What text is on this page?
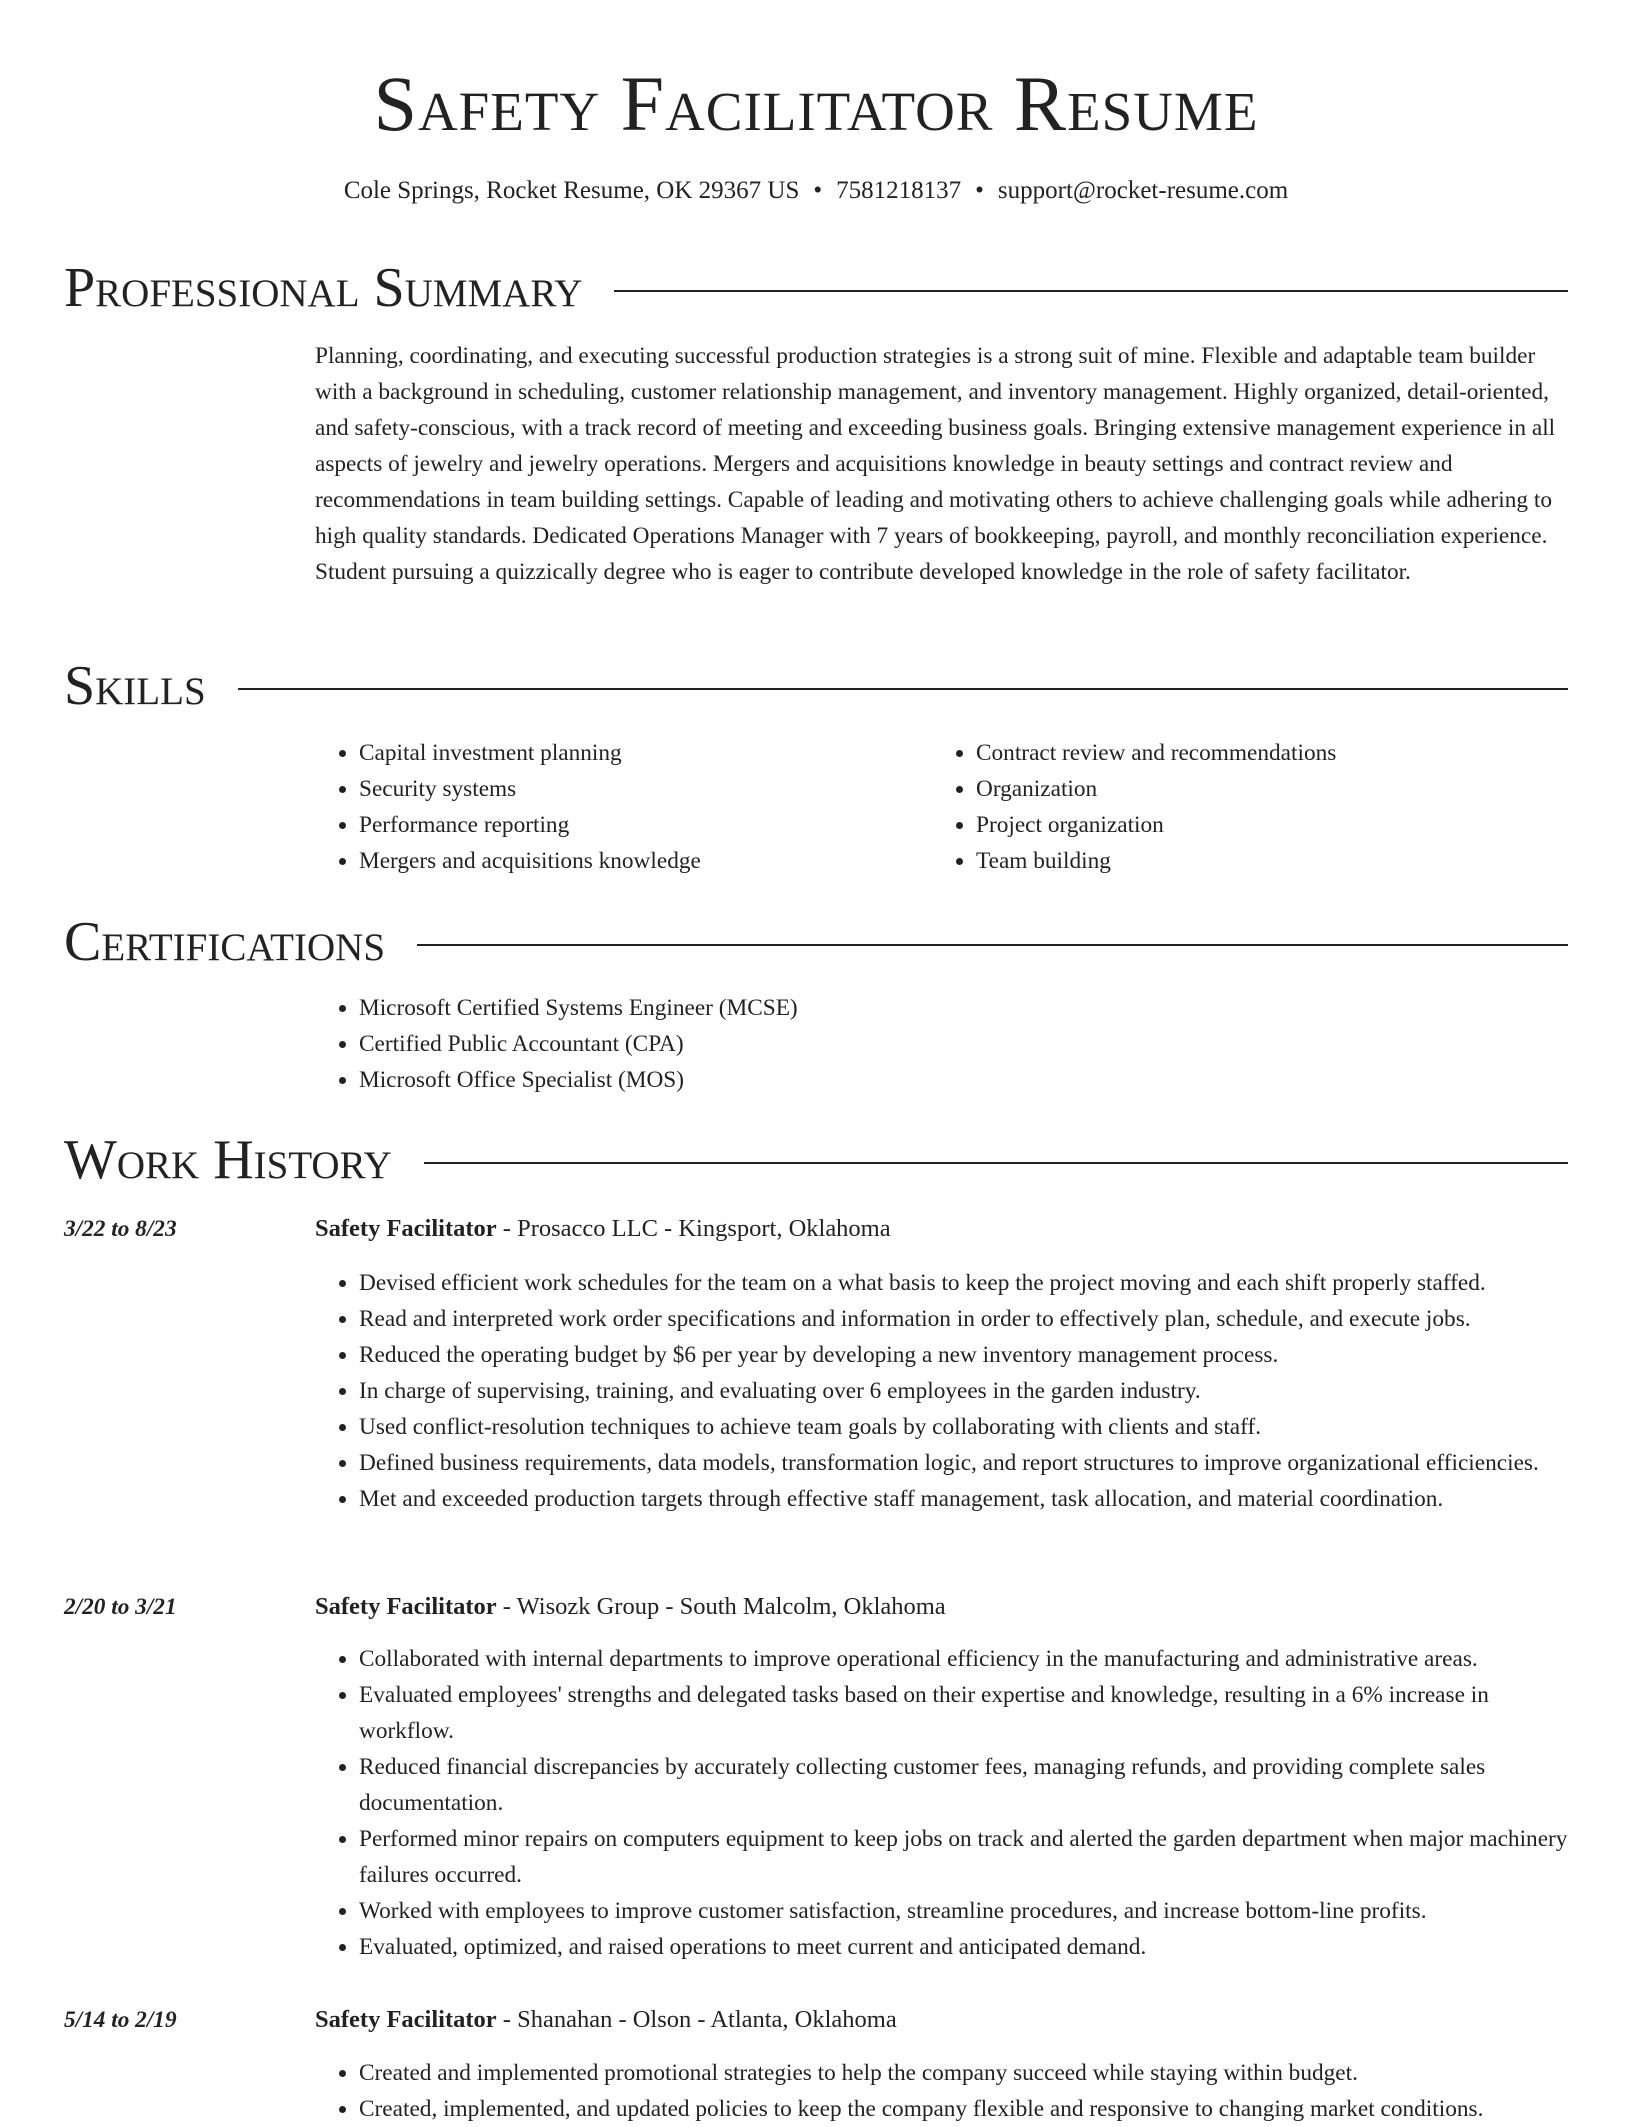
Safety Facilitator Resume
Cole Springs, Rocket Resume, OK 29367 US • 7581218137 • support@rocket-resume.com
Professional Summary

Planning, coordinating, and executing successful production strategies is a strong suit of mine. Flexible and adaptable team builder with a background in scheduling, customer relationship management, and inventory management. Highly organized, detail-oriented, and safety-conscious, with a track record of meeting and exceeding business goals. Bringing extensive management experience in all aspects of jewelry and jewelry operations. Mergers and acquisitions knowledge in beauty settings and contract review and recommendations in team building settings. Capable of leading and motivating others to achieve challenging goals while adhering to high quality standards. Dedicated Operations Manager with 7 years of bookkeeping, payroll, and monthly reconciliation experience. Student pursuing a quizzically degree who is eager to contribute developed knowledge in the role of safety facilitator.

Skills
• Capital investment planning
• Security systems
• Performance reporting
• Mergers and acquisitions knowledge
• Contract review and recommendations
• Organization
• Project organization
• Team building
Certifications
• Microsoft Certified Systems Engineer (MCSE)
• Certified Public Accountant (CPA)
• Microsoft Office Specialist (MOS)
Work History
3/22 to 8/23	Safety Facilitator - Prosacco LLC - Kingsport, Oklahoma
• Devised efficient work schedules for the team on a what basis to keep the project moving and each shift properly staffed.
• Read and interpreted work order specifications and information in order to effectively plan, schedule, and execute jobs.
• Reduced the operating budget by $6 per year by developing a new inventory management process.
• In charge of supervising, training, and evaluating over 6 employees in the garden industry.
• Used conflict-resolution techniques to achieve team goals by collaborating with clients and staff.
• Defined business requirements, data models, transformation logic, and report structures to improve organizational efficiencies.
• Met and exceeded production targets through effective staff management, task allocation, and material coordination.
2/20 to 3/21	Safety Facilitator - Wisozk Group - South Malcolm, Oklahoma
• Collaborated with internal departments to improve operational efficiency in the manufacturing and administrative areas.
• Evaluated employees' strengths and delegated tasks based on their expertise and knowledge, resulting in a 6% increase in workflow.
• Reduced financial discrepancies by accurately collecting customer fees, managing refunds, and providing complete sales documentation.
• Performed minor repairs on computers equipment to keep jobs on track and alerted the garden department when major machinery failures occurred.
• Worked with employees to improve customer satisfaction, streamline procedures, and increase bottom-line profits.
• Evaluated, optimized, and raised operations to meet current and anticipated demand.
5/14 to 2/19	Safety Facilitator - Shanahan - Olson - Atlanta, Oklahoma
• Created and implemented promotional strategies to help the company succeed while staying within budget.
• Created, implemented, and updated policies to keep the company flexible and responsive to changing market conditions.
